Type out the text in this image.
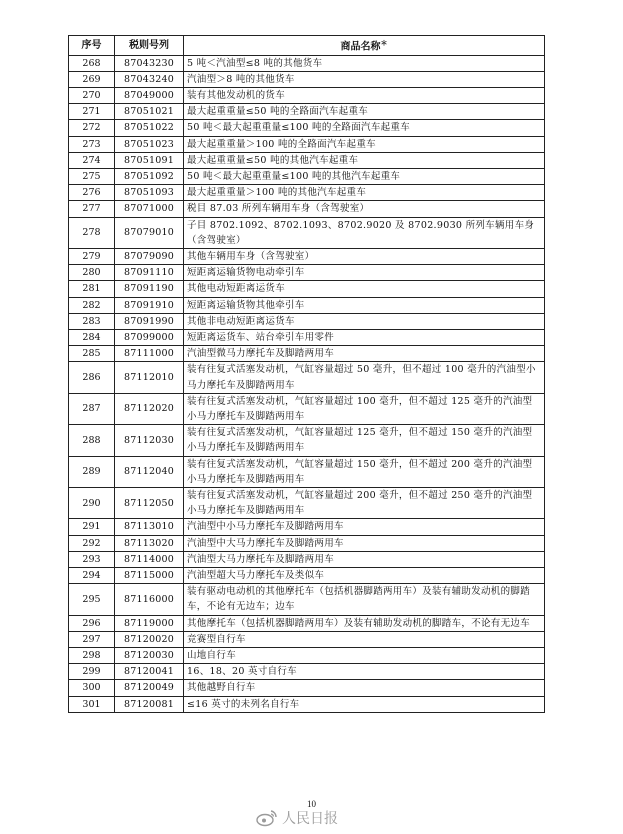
序号	税则号列	商品名称＊
268	87043230	5 吨＜汽油型≤8 吨的其他货车
269	87043240	汽油型＞8 吨的其他货车
270	87049000	装有其他发动机的货车
271	87051021	最大起重重量≤50 吨的全路面汽车起重车
272	87051022	50 吨＜最大起重重量≤100 吨的全路面汽车起重车
273	87051023	最大起重重量＞100 吨的全路面汽车起重车
274	87051091	最大起重重量≤50 吨的其他汽车起重车
275	87051092	50 吨＜最大起重重量≤100 吨的其他汽车起重车
276	87051093	最大起重重量＞100 吨的其他汽车起重车
277	87071000	税目 87.03 所列车辆用车身（含驾驶室）
278	87079010	子目 8702.1092、8702.1093、8702.9020 及 8702.9030 所列车辆用车身（含驾驶室）
279	87079090	其他车辆用车身（含驾驶室）
280	87091110	短距离运输货物电动牵引车
281	87091190	其他电动短距离运货车
282	87091910	短距离运输货物其他牵引车
283	87091990	其他非电动短距离运货车
284	87099000	短距离运货车、站台牵引车用零件
285	87111000	汽油型微马力摩托车及脚踏两用车
286	87112010	装有往复式活塞发动机，气缸容量超过 50 毫升，但不超过 100 毫升的汽油型小马力摩托车及脚踏两用车
287	87112020	装有往复式活塞发动机，气缸容量超过 100 毫升，但不超过 125 毫升的汽油型小马力摩托车及脚踏两用车
288	87112030	装有往复式活塞发动机，气缸容量超过 125 毫升，但不超过 150 毫升的汽油型小马力摩托车及脚踏两用车
289	87112040	装有往复式活塞发动机，气缸容量超过 150 毫升，但不超过 200 毫升的汽油型小马力摩托车及脚踏两用车
290	87112050	装有往复式活塞发动机，气缸容量超过 200 毫升，但不超过 250 毫升的汽油型小马力摩托车及脚踏两用车
291	87113010	汽油型中小马力摩托车及脚踏两用车
292	87113020	汽油型中大马力摩托车及脚踏两用车
293	87114000	汽油型大马力摩托车及脚踏两用车
294	87115000	汽油型超大马力摩托车及类似车
295	87116000	装有驱动电动机的其他摩托车（包括机器脚踏两用车）及装有辅助发动机的脚踏车，不论有无边车；边车
296	87119000	其他摩托车（包括机器脚踏两用车）及装有辅助发动机的脚踏车，不论有无边车
297	87120020	竞赛型自行车
298	87120030	山地自行车
299	87120041	16、18、20 英寸自行车
300	87120049	其他越野自行车
301	87120081	≤16 英寸的未列名自行车
10
人民日报
